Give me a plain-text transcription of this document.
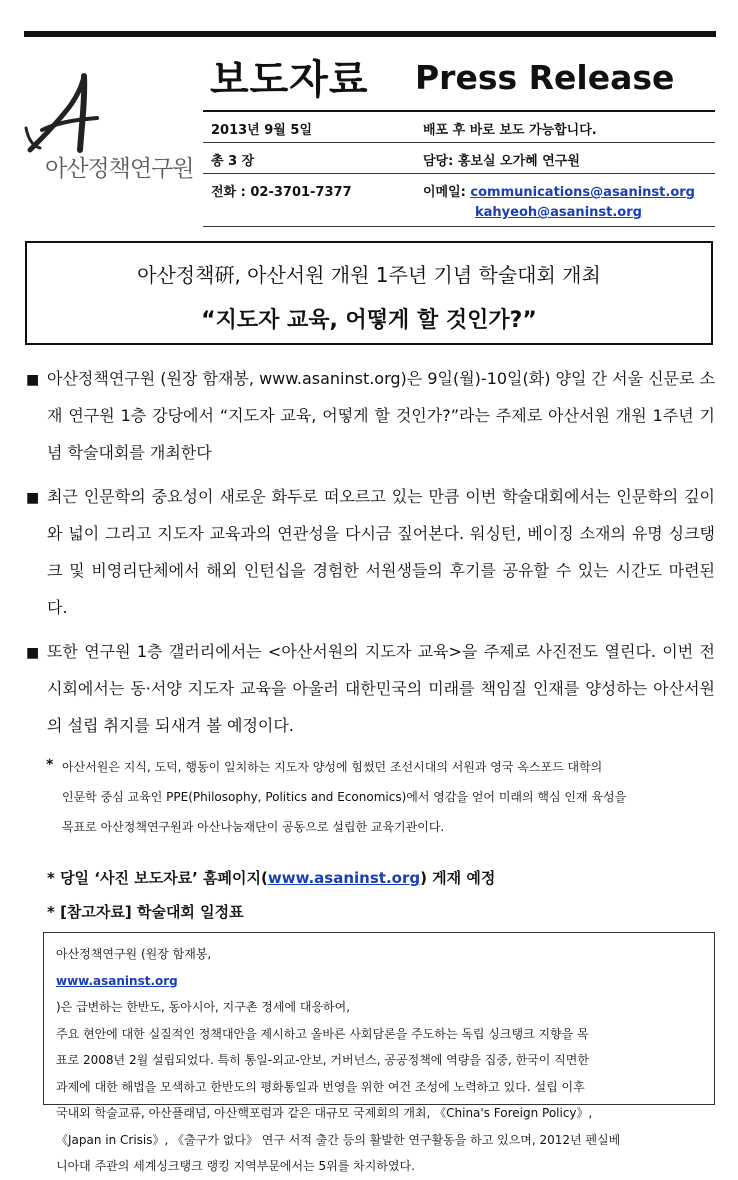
아산정책연구원
보도자료 Press Release
2013년 9월 5일	배포 후 바로 보도 가능합니다.
총 3 장	담당: 홍보실 오가혜 연구원
전화 : 02-3701-7377	이메일: communications@asaninst.org
kahyeoh@asaninst.org
아산정책硏, 아산서원 개원 1주년 기념 학술대회 개최
“지도자 교육, 어떻게 할 것인가?”
■ 아산정책연구원 (원장 함재봉, www.asaninst.org)은 9일(월)-10일(화) 양일 간 서울 신문로 소재 연구원 1층 강당에서 “지도자 교육, 어떻게 할 것인가?”라는 주제로 아산서원 개원 1주년 기념 학술대회를 개최한다
■ 최근 인문학의 중요성이 새로운 화두로 떠오르고 있는 만큼 이번 학술대회에서는 인문학의 깊이와 넓이 그리고 지도자 교육과의 연관성을 다시금 짚어본다. 워싱턴, 베이징 소재의 유명 싱크탱크 및 비영리단체에서 해외 인턴십을 경험한 서원생들의 후기를 공유할 수 있는 시간도 마련된다.
■ 또한 연구원 1층 갤러리에서는 <아산서원의 지도자 교육>을 주제로 사진전도 열린다. 이번 전시회에서는 동·서양 지도자 교육을 아울러 대한민국의 미래를 책임질 인재를 양성하는 아산서원의 설립 취지를 되새겨 볼 예정이다.
* 아산서원은 지식, 도덕, 행동이 일치하는 지도자 양성에 힘썼던 조선시대의 서원과 영국 옥스포드 대학의
인문학 중심 교육인 PPE(Philosophy, Politics and Economics)에서 영감을 얻어 미래의 핵심 인재 육성을
목표로 아산정책연구원과 아산나눔재단이 공동으로 설립한 교육기관이다.
* 당일 ‘사진 보도자료’ 홈페이지(www.asaninst.org) 게재 예정
* [참고자료] 학술대회 일정표
아산정책연구원 (원장 함재봉,
www.asaninst.org
)은 급변하는 한반도, 동아시아, 지구촌 정세에 대응하여,
주요 현안에 대한 실질적인 정책대안을 제시하고 올바른 사회담론을 주도하는 독립 싱크탱크 지향을 목
표로 2008년 2월 설립되었다. 특히 통일-외교-안보, 거버넌스, 공공정책에 역량을 집중, 한국이 직면한
과제에 대한 해법을 모색하고 한반도의 평화통일과 번영을 위한 여건 조성에 노력하고 있다. 설립 이후
국내외 학술교류, 아산플래넘, 아산핵포럼과 같은 대규모 국제회의 개최, 《China's Foreign Policy》,
《Japan in Crisis》, 《출구가 없다》 연구 서적 출간 등의 활발한 연구활동을 하고 있으며, 2012년 펜실베
니아대 주관의 세계싱크탱크 랭킹 지역부문에서는 5위를 차지하였다.
